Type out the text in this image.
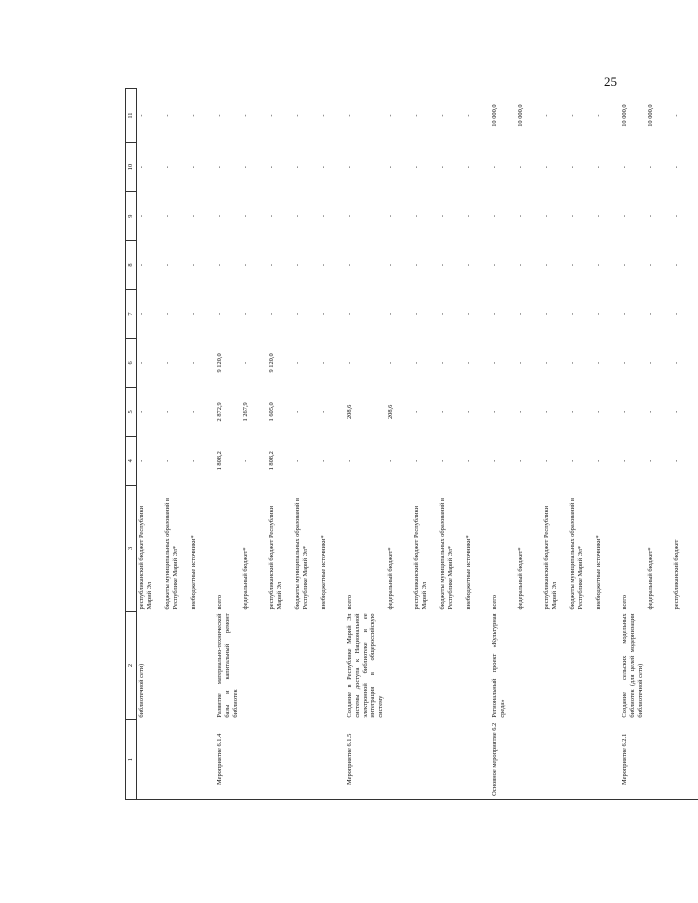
25
1	2	3	4	5	6	7	8	9	10	11
	библиотечной сети)	республиканский бюджет Республики Марий Эл	-	-	-	-	-	-	-	-
		бюджеты муниципальных образований в Республике Марий Эл*	-	-	-	-	-	-	-	-
		внебюджетные источники*	-	-	-	-	-	-	-	-
Мероприятие 6.1.4	Развитие материально-технической базы и капитальный ремонт библиотек	всего	1 808,2	2 872,9	9 120,0	-	-	-	-	-
		федеральный бюджет*	-	1 267,9	-	-	-	-	-	-
		республиканский бюджет Республики Марий Эл	1 808,2	1 605,0	9 120,0	-	-	-	-	-
		бюджеты муниципальных образований в Республике Марий Эл*	-	-	-	-	-	-	-	-
		внебюджетные источники*	-	-	-	-	-	-	-	-
Мероприятие 6.1.5	Создание в Республике Марий Эл системы доступа к Национальной электронной библиотеке и ее интеграция в общероссийскую систему	всего	-	208,6	-	-	-	-	-	-
		федеральный бюджет*	-	208,6	-	-	-	-	-	-
		республиканский бюджет Республики Марий Эл	-	-	-	-	-	-	-	-
		бюджеты муниципальных образований в Республике Марий Эл*	-	-	-	-	-	-	-	-
		внебюджетные источники*	-	-	-	-	-	-	-	-
Основное мероприятие 6.2	Региональный проект «Культурная среда»	всего	-	-	-	-	-	-	-	10 000,0
		федеральный бюджет*	-	-	-	-	-	-	-	10 000,0
		республиканский бюджет Республики Марий Эл	-	-	-	-	-	-	-	-
		бюджеты муниципальных образований в Республике Марий Эл*	-	-	-	-	-	-	-	-
		внебюджетные источники*	-	-	-	-	-	-	-	-
Мероприятие 6.2.1	Создание сельских модельных библиотек (для целей модернизации библиотечной сети)	всего	-	-	-	-	-	-	-	10 000,0
		федеральный бюджет*	-	-	-	-	-	-	-	10 000,0
		республиканский бюджет	-	-	-	-	-	-	-	-
